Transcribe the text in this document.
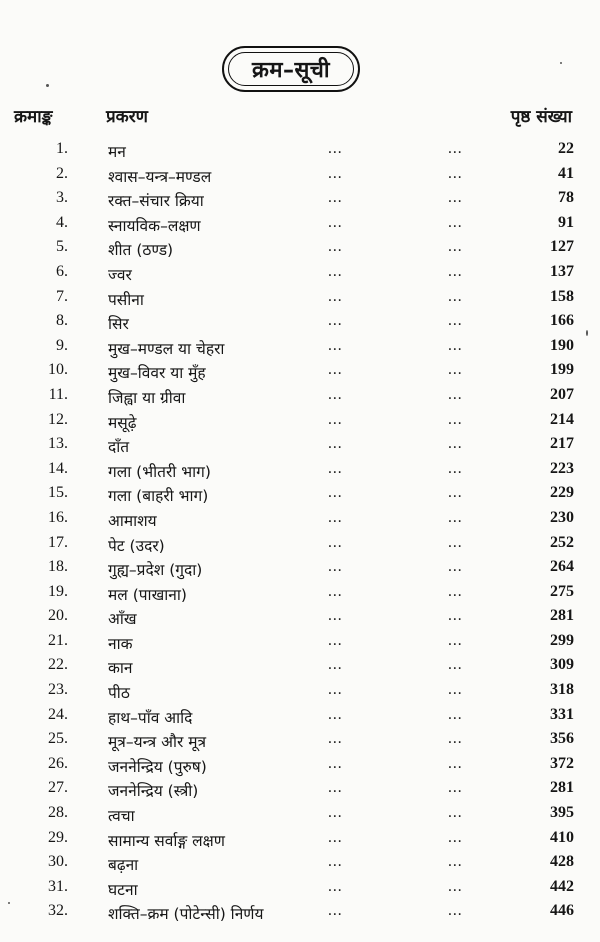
क्रम–सूची
क्रमाङ्क	प्रकरण	पृष्ठ संख्या
1.	मन	...	...	22
2.	श्वास–यन्त्र–मण्डल	...	...	41
3.	रक्त–संचार क्रिया	...	...	78
4.	स्नायविक–लक्षण	...	...	91
5.	शीत (ठण्ड)	...	...	127
6.	ज्वर	...	...	137
7.	पसीना	...	...	158
8.	सिर	...	...	166
9.	मुख–मण्डल या चेहरा	...	...	190
10.	मुख–विवर या मुँह	...	...	199
11.	जिह्वा या ग्रीवा	...	...	207
12.	मसूढ़े	...	...	214
13.	दाँत	...	...	217
14.	गला (भीतरी भाग)	...	...	223
15.	गला (बाहरी भाग)	...	...	229
16.	आमाशय	...	...	230
17.	पेट (उदर)	...	...	252
18.	गुह्य–प्रदेश (गुदा)	...	...	264
19.	मल (पाखाना)	...	...	275
20.	आँख	...	...	281
21.	नाक	...	...	299
22.	कान	...	...	309
23.	पीठ	...	...	318
24.	हाथ–पाँव आदि	...	...	331
25.	मूत्र–यन्त्र और मूत्र	...	...	356
26.	जननेन्द्रिय (पुरुष)	...	...	372
27.	जननेन्द्रिय (स्त्री)	...	...	281
28.	त्वचा	...	...	395
29.	सामान्य सर्वाङ्ग लक्षण	...	...	410
30.	बढ़ना	...	...	428
31.	घटना	...	...	442
32.	शक्ति–क्रम (पोटेन्सी) निर्णय	...	...	446
